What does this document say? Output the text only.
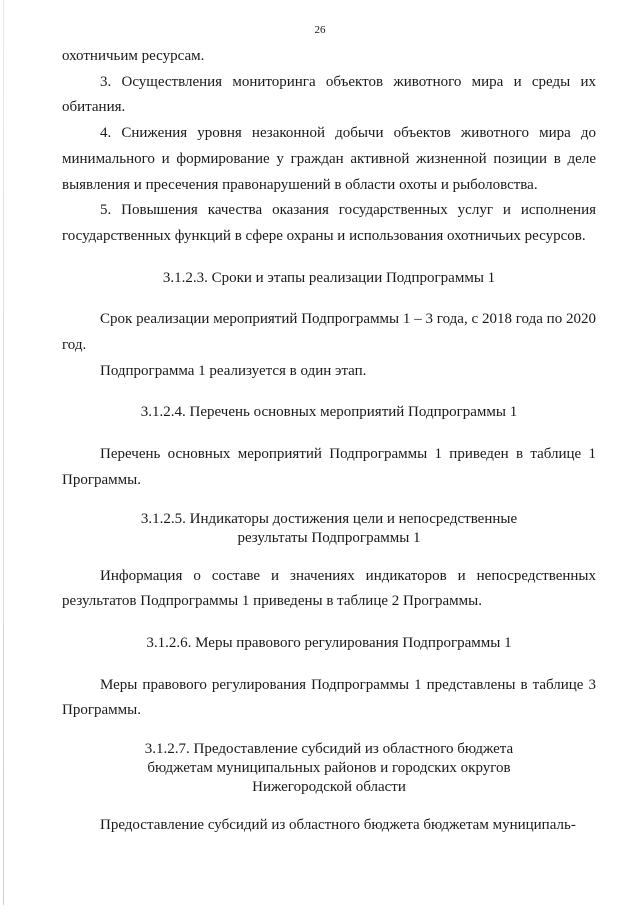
26

охотничьим ресурсам.

3. Осуществления мониторинга объектов животного мира и среды их обитания.

4. Снижения уровня незаконной добычи объектов животного мира до минимального и формирование у граждан активной жизненной позиции в деле выявления и пресечения правонарушений в области охоты и рыболовства.

5. Повышения качества оказания государственных услуг и исполнения государственных функций в сфере охраны и использования охотничьих ресурсов.

3.1.2.3. Сроки и этапы реализации Подпрограммы 1

Срок реализации мероприятий Подпрограммы 1 – 3 года, с 2018 года по 2020 год.

Подпрограмма 1 реализуется в один этап.

3.1.2.4. Перечень основных мероприятий Подпрограммы 1

Перечень основных мероприятий Подпрограммы 1 приведен в таблице 1 Программы.

3.1.2.5. Индикаторы достижения цели и непосредственные
результаты Подпрограммы 1

Информация о составе и значениях индикаторов и непосредственных результатов Подпрограммы 1 приведены в таблице 2 Программы.

3.1.2.6. Меры правового регулирования Подпрограммы 1

Меры правового регулирования Подпрограммы 1 представлены в таблице 3 Программы.

3.1.2.7. Предоставление субсидий из областного бюджета
бюджетам муниципальных районов и городских округов
Нижегородской области

Предоставление субсидий из областного бюджета бюджетам муниципаль-
